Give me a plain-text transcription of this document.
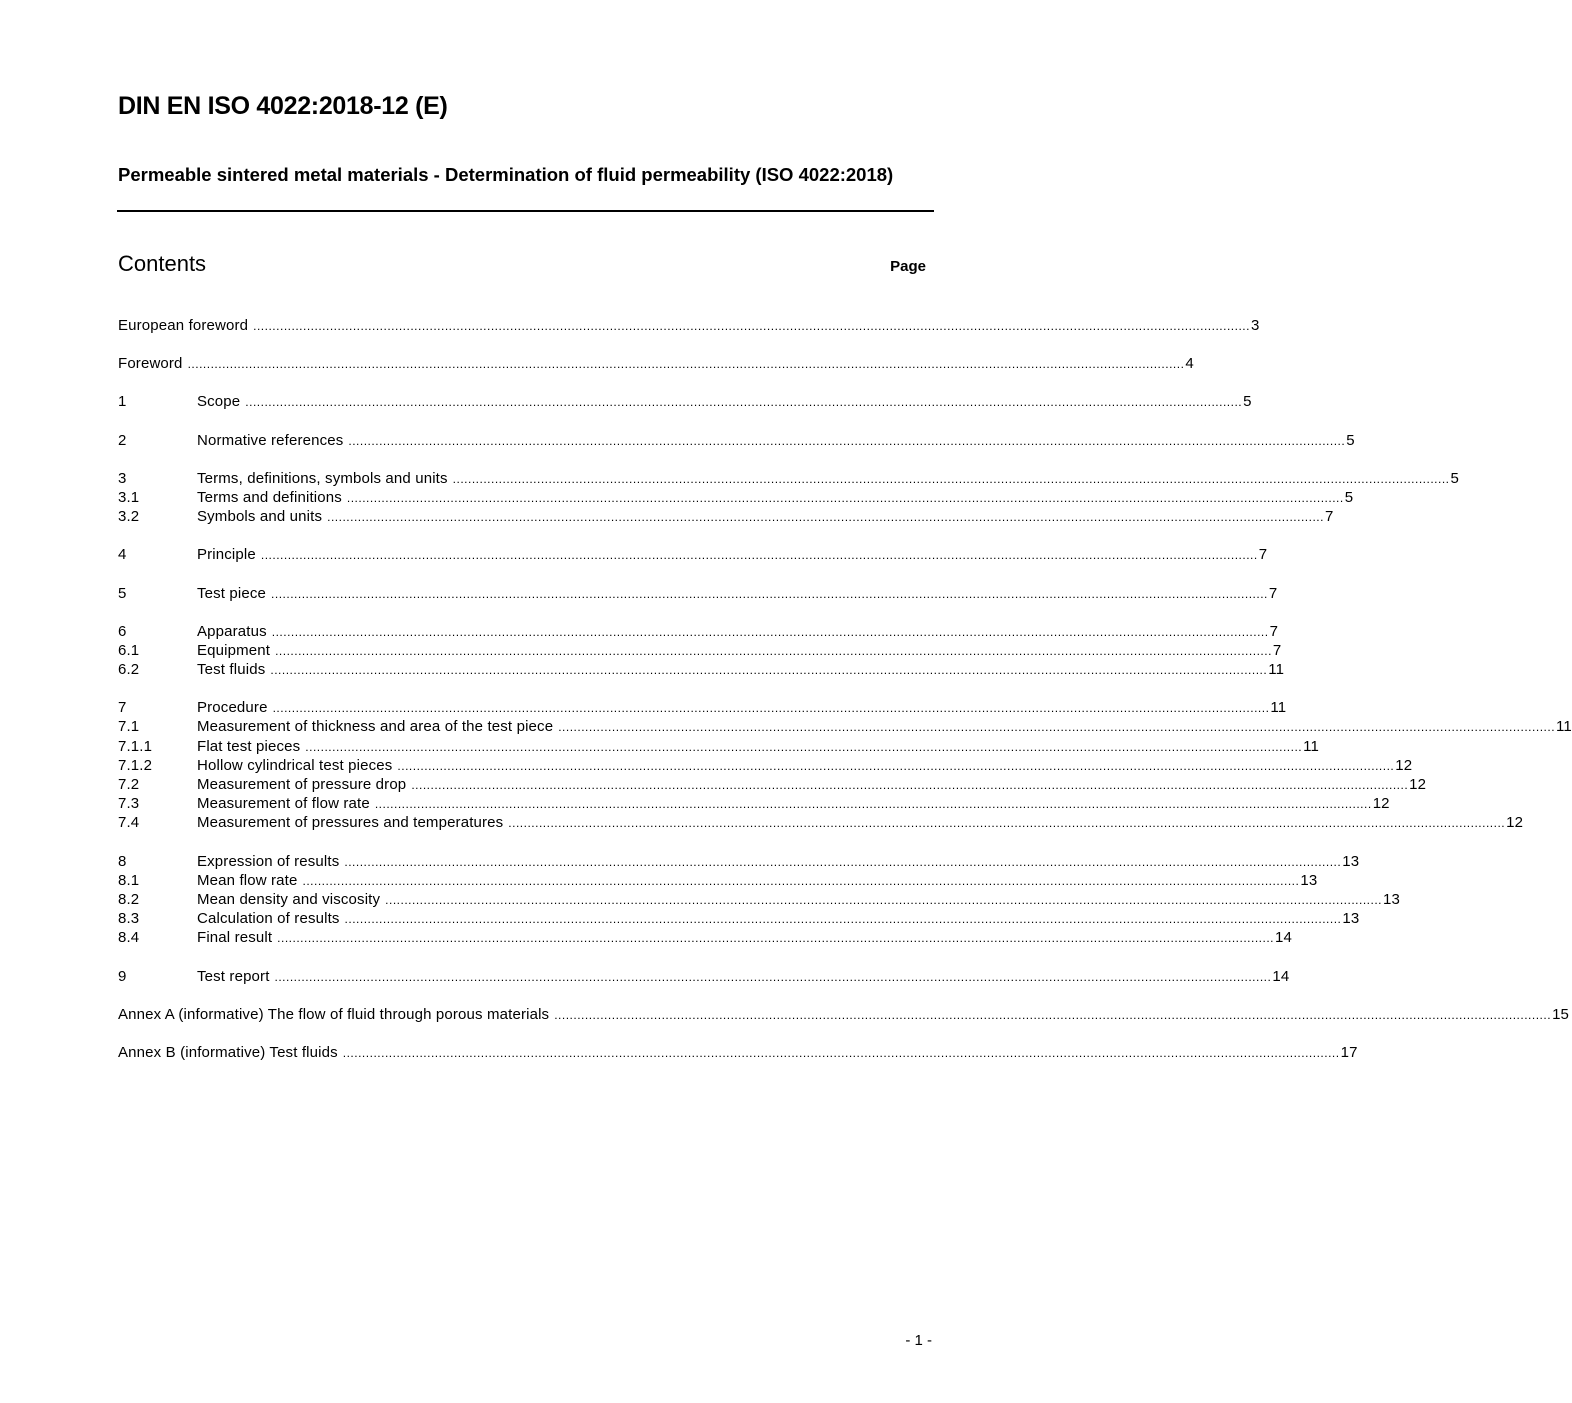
DIN EN ISO 4022:2018-12 (E)
Permeable sintered metal materials - Determination of fluid permeability (ISO 4022:2018)
Contents	Page
European foreword .................................................................................................................................................................................................................................................................... 3
Foreword .................................................................................................................................................................................................................................................................... 4
1	Scope .................................................................................................................................................................................................................................................................... 5
2	Normative references .................................................................................................................................................................................................................................................................... 5
3	Terms, definitions, symbols and units .................................................................................................................................................................................................................................................................... 5
3.1	Terms and definitions .................................................................................................................................................................................................................................................................... 5
3.2	Symbols and units .................................................................................................................................................................................................................................................................... 7
4	Principle .................................................................................................................................................................................................................................................................... 7
5	Test piece .................................................................................................................................................................................................................................................................... 7
6	Apparatus .................................................................................................................................................................................................................................................................... 7
6.1	Equipment .................................................................................................................................................................................................................................................................... 7
6.2	Test fluids .................................................................................................................................................................................................................................................................... 11
7	Procedure .................................................................................................................................................................................................................................................................... 11
7.1	Measurement of thickness and area of the test piece .................................................................................................................................................................................................................................................................... 11
7.1.1	Flat test pieces .................................................................................................................................................................................................................................................................... 11
7.1.2	Hollow cylindrical test pieces .................................................................................................................................................................................................................................................................... 12
7.2	Measurement of pressure drop .................................................................................................................................................................................................................................................................... 12
7.3	Measurement of flow rate .................................................................................................................................................................................................................................................................... 12
7.4	Measurement of pressures and temperatures .................................................................................................................................................................................................................................................................... 12
8	Expression of results .................................................................................................................................................................................................................................................................... 13
8.1	Mean flow rate .................................................................................................................................................................................................................................................................... 13
8.2	Mean density and viscosity .................................................................................................................................................................................................................................................................... 13
8.3	Calculation of results .................................................................................................................................................................................................................................................................... 13
8.4	Final result .................................................................................................................................................................................................................................................................... 14
9	Test report .................................................................................................................................................................................................................................................................... 14
Annex A (informative) The flow of fluid through porous materials .................................................................................................................................................................................................................................................................... 15
Annex B (informative) Test fluids .................................................................................................................................................................................................................................................................... 17
- 1 -
